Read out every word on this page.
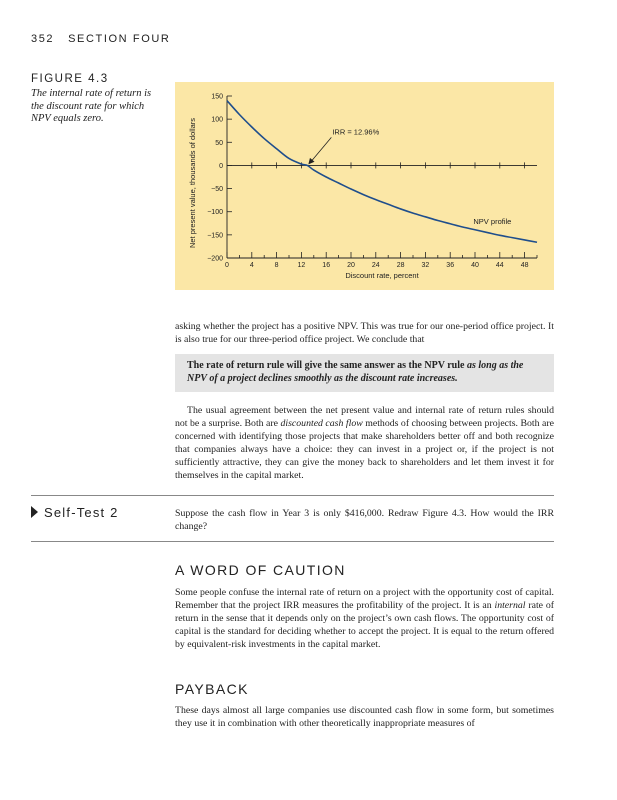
352 SECTION FOUR
FIGURE 4.3
The internal rate of return is the discount rate for which NPV equals zero.
150
100
50
0
−50
−100
−150
−200
0	4	8	12 16 20 24 28 32 36 40 44 48
IRR = 12.96%
NPV profile
Discount rate, percent
Net present value, thousands of dollars

asking whether the project has a positive NPV. This was true for our one-period office project. It is also true for our three-period office project. We conclude that

The rate of return rule will give the same answer as the NPV rule as long as the NPV of a project declines smoothly as the discount rate increases.

The usual agreement between the net present value and internal rate of return rules should not be a surprise. Both are discounted cash flow methods of choosing between projects. Both are concerned with identifying those projects that make shareholders better off and both recognize that companies always have a choice: they can invest in a project or, if the project is not sufficiently attractive, they can give the money back to shareholders and let them invest it for themselves in the capital market.

Self-Test 2	Suppose the cash flow in Year 3 is only $416,000. Redraw Figure 4.3. How would the IRR change?

A WORD OF CAUTION

Some people confuse the internal rate of return on a project with the opportunity cost of capital. Remember that the project IRR measures the profitability of the project. It is an internal rate of return in the sense that it depends only on the project’s own cash flows. The opportunity cost of capital is the standard for deciding whether to accept the project. It is equal to the return offered by equivalent-risk investments in the capital market.

PAYBACK

These days almost all large companies use discounted cash flow in some form, but sometimes they use it in combination with other theoretically inappropriate measures of
